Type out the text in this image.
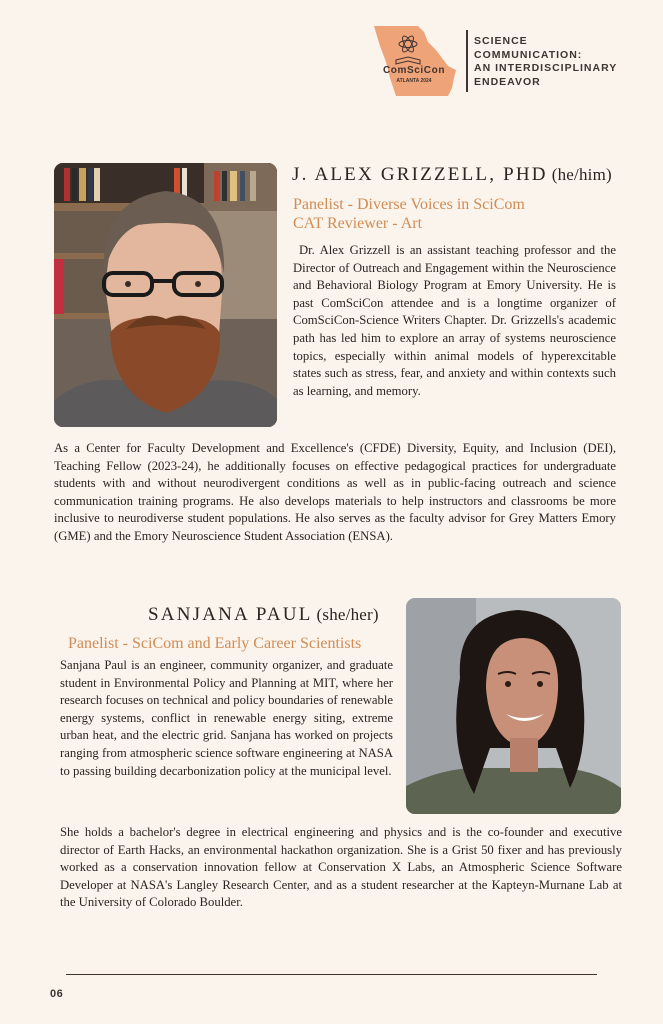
ComSciCon
ATLANTA 2024
SCIENCE
COMMUNICATION:
AN INTERDISCIPLINARY
ENDEAVOR
J. ALEX GRIZZELL, PHD (he/him)
Panelist - Diverse Voices in SciCom
CAT Reviewer - Art

Dr. Alex Grizzell is an assistant teaching professor and the Director of Outreach and Engagement within the Neuroscience and Behavioral Biology Program at Emory University. He is past ComSciCon attendee and is a longtime organizer of ComSciCon-Science Writers Chapter. Dr. Grizzells's academic path has led him to explore an array of systems neuroscience topics, especially within animal models of hyperexcitable states such as stress, fear, and anxiety and within contexts such as learning, and memory.

As a Center for Faculty Development and Excellence's (CFDE) Diversity, Equity, and Inclusion (DEI), Teaching Fellow (2023-24), he additionally focuses on effective pedagogical practices for undergraduate students with and without neurodivergent conditions as well as in public-facing outreach and science communication training programs. He also develops materials to help instructors and classrooms be more inclusive to neurodiverse student populations. He also serves as the faculty advisor for Grey Matters Emory (GME) and the Emory Neuroscience Student Association (ENSA).

SANJANA PAUL (she/her)
Panelist - SciCom and Early Career Scientists

Sanjana Paul is an engineer, community organizer, and graduate student in Environmental Policy and Planning at MIT, where her research focuses on technical and policy boundaries of renewable energy systems, conflict in renewable energy siting, extreme urban heat, and the electric grid. Sanjana has worked on projects ranging from atmospheric science software engineering at NASA to passing building decarbonization policy at the municipal level.

She holds a bachelor's degree in electrical engineering and physics and is the co-founder and executive director of Earth Hacks, an environmental hackathon organization. She is a Grist 50 fixer and has previously worked as a conservation innovation fellow at Conservation X Labs, an Atmospheric Science Software Developer at NASA's Langley Research Center, and as a student researcher at the Kapteyn-Murnane Lab at the University of Colorado Boulder.

06
